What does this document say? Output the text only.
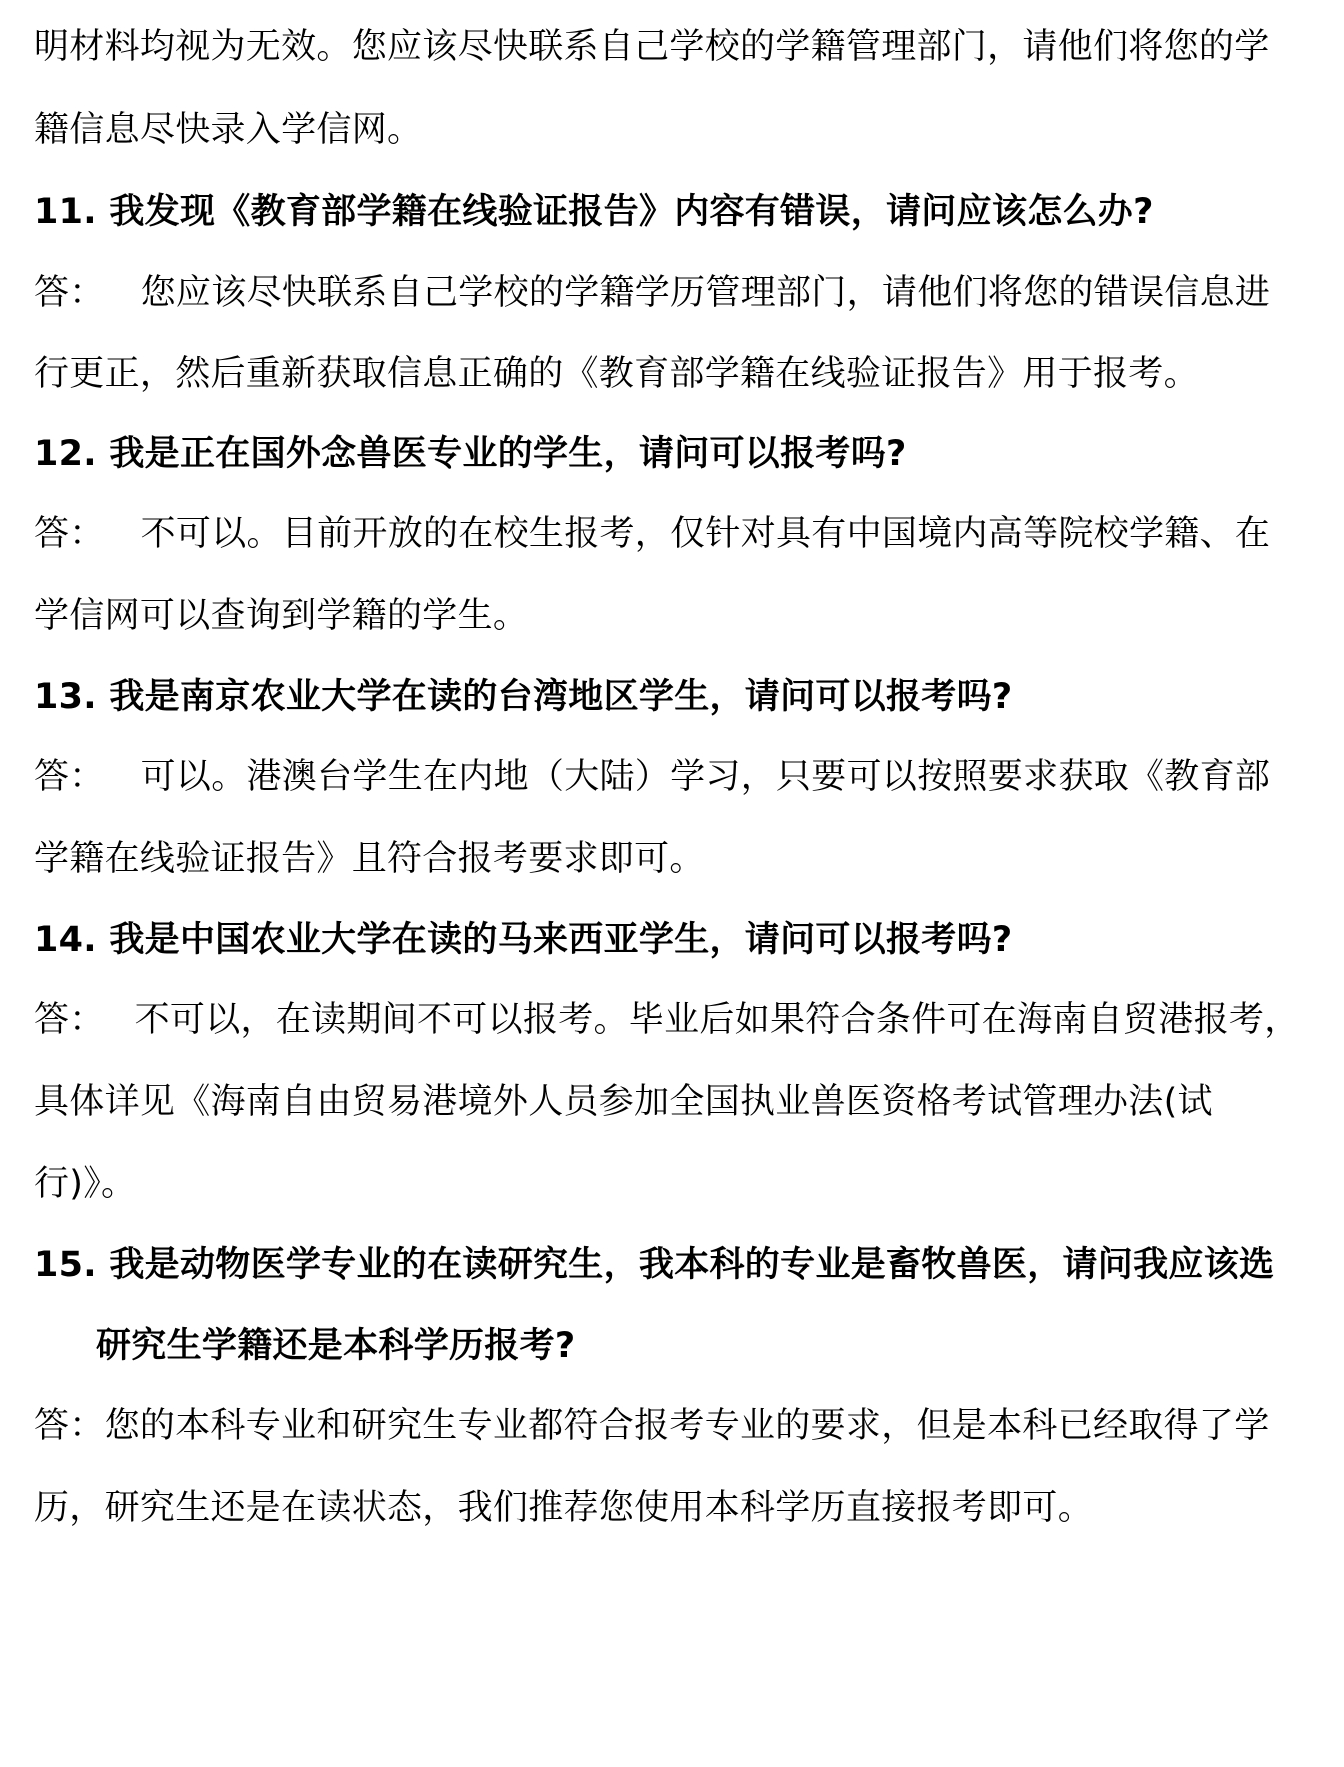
明材料均视为无效。您应该尽快联系自己学校的学籍管理部门，请他们将您的学
籍信息尽快录入学信网。
11. 我发现《教育部学籍在线验证报告》内容有错误，请问应该怎么办?
答： 您应该尽快联系自己学校的学籍学历管理部门，请他们将您的错误信息进
行更正，然后重新获取信息正确的《教育部学籍在线验证报告》用于报考。
12. 我是正在国外念兽医专业的学生，请问可以报考吗?
答： 不可以。目前开放的在校生报考，仅针对具有中国境内高等院校学籍、在
学信网可以查询到学籍的学生。
13. 我是南京农业大学在读的台湾地区学生，请问可以报考吗?
答： 可以。港澳台学生在内地（大陆）学习，只要可以按照要求获取《教育部
学籍在线验证报告》且符合报考要求即可。
14. 我是中国农业大学在读的马来西亚学生，请问可以报考吗?
答： 不可以，在读期间不可以报考。毕业后如果符合条件可在海南自贸港报考，
具体详见《海南自由贸易港境外人员参加全国执业兽医资格考试管理办法(试
行)》。
15. 我是动物医学专业的在读研究生，我本科的专业是畜牧兽医，请问我应该选
研究生学籍还是本科学历报考?
答：您的本科专业和研究生专业都符合报考专业的要求，但是本科已经取得了学
历，研究生还是在读状态，我们推荐您使用本科学历直接报考即可。
